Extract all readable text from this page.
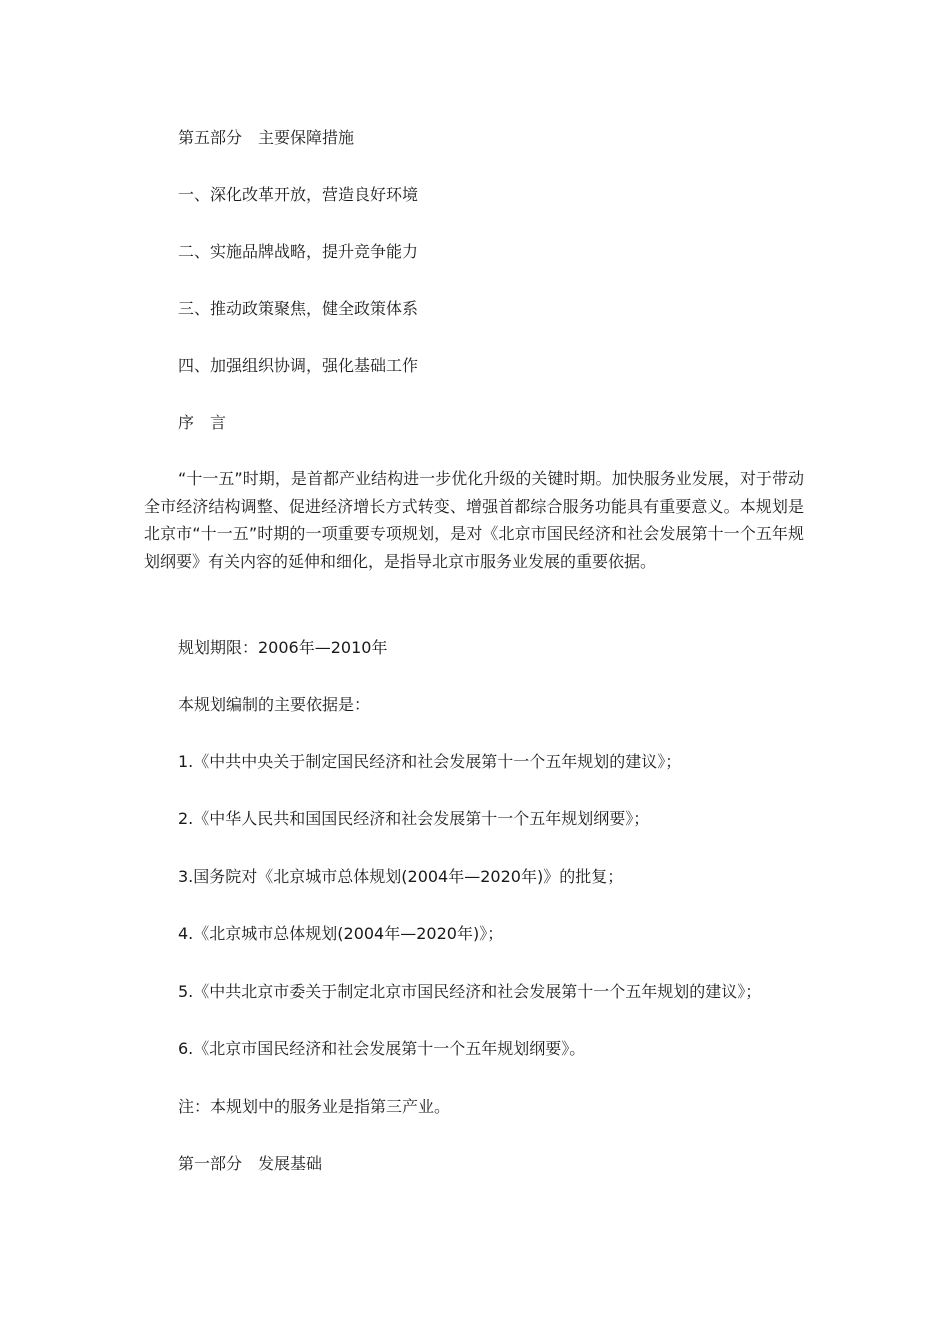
第五部分　主要保障措施
一、深化改革开放，营造良好环境
二、实施品牌战略，提升竞争能力
三、推动政策聚焦，健全政策体系
四、加强组织协调，强化基础工作
序　言
“十一五”时期，是首都产业结构进一步优化升级的关键时期。加快服务业发展，对于带动全市经济结构调整、促进经济增长方式转变、增强首都综合服务功能具有重要意义。本规划是北京市“十一五”时期的一项重要专项规划，是对《北京市国民经济和社会发展第十一个五年规划纲要》有关内容的延伸和细化，是指导北京市服务业发展的重要依据。
规划期限：2006年—2010年
本规划编制的主要依据是：
1.《中共中央关于制定国民经济和社会发展第十一个五年规划的建议》；
2.《中华人民共和国国民经济和社会发展第十一个五年规划纲要》；
3.国务院对《北京城市总体规划(2004年—2020年)》的批复；
4.《北京城市总体规划(2004年—2020年)》；
5.《中共北京市委关于制定北京市国民经济和社会发展第十一个五年规划的建议》；
6.《北京市国民经济和社会发展第十一个五年规划纲要》。
注：本规划中的服务业是指第三产业。
第一部分　发展基础
